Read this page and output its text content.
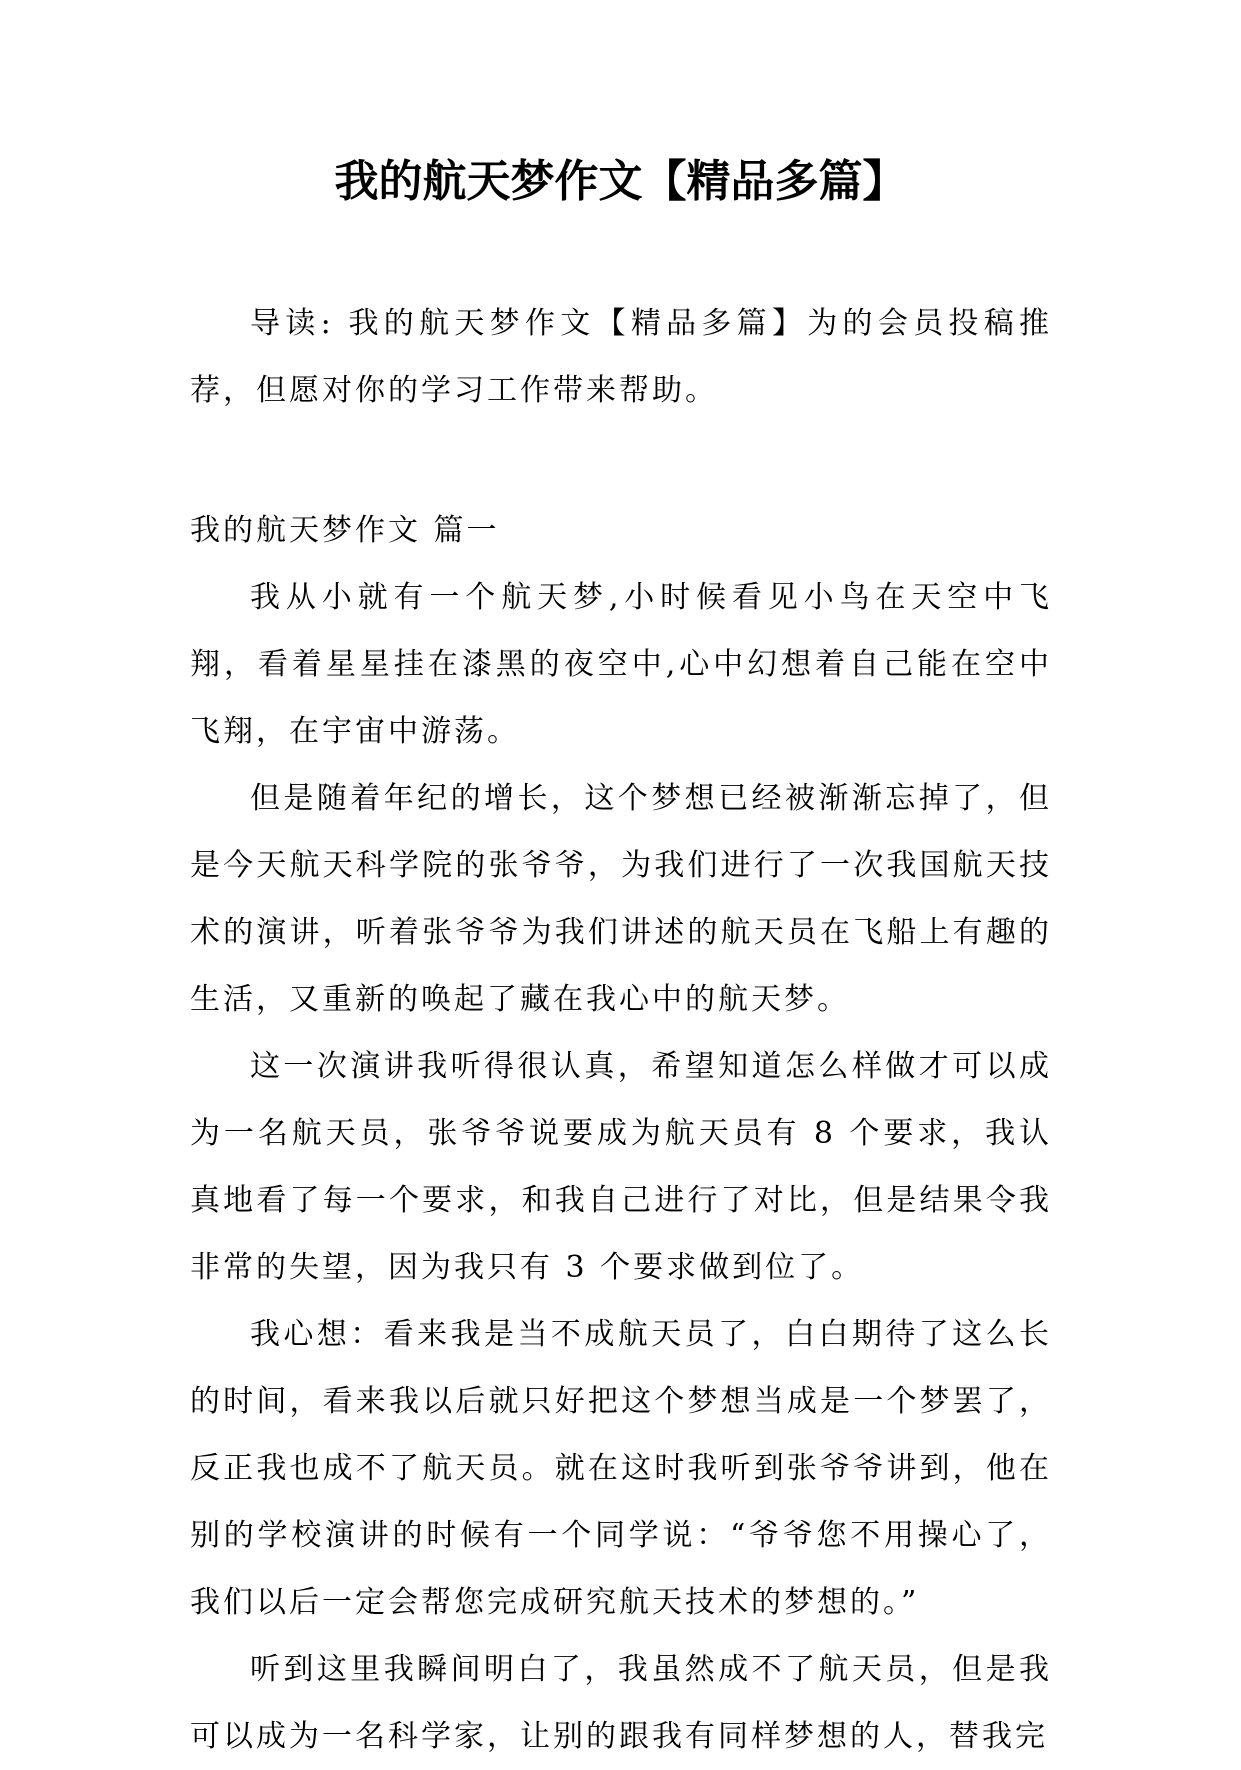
我的航天梦作文【精品多篇】

导读: 我的航天梦作文【精品多篇】为的会员投稿推荐，但愿对你的学习工作带来帮助。

我的航天梦作文 篇一

我从小就有一个航天梦,小时候看见小鸟在天空中飞翔，看着星星挂在漆黑的夜空中,心中幻想着自己能在空中飞翔，在宇宙中游荡。

但是随着年纪的增长，这个梦想已经被渐渐忘掉了，但是今天航天科学院的张爷爷，为我们进行了一次我国航天技术的演讲，听着张爷爷为我们讲述的航天员在飞船上有趣的生活，又重新的唤起了藏在我心中的航天梦。

这一次演讲我听得很认真，希望知道怎么样做才可以成为一名航天员，张爷爷说要成为航天员有 8 个要求，我认真地看了每一个要求，和我自己进行了对比，但是结果令我非常的失望，因为我只有 3 个要求做到位了。

我心想：看来我是当不成航天员了，白白期待了这么长的时间，看来我以后就只好把这个梦想当成是一个梦罢了，反正我也成不了航天员。就在这时我听到张爷爷讲到，他在别的学校演讲的时候有一个同学说：“爷爷您不用操心了，我们以后一定会帮您完成研究航天技术的梦想的。”

听到这里我瞬间明白了，我虽然成不了航天员，但是我可以成为一名科学家，让别的跟我有同样梦想的人，替我完
